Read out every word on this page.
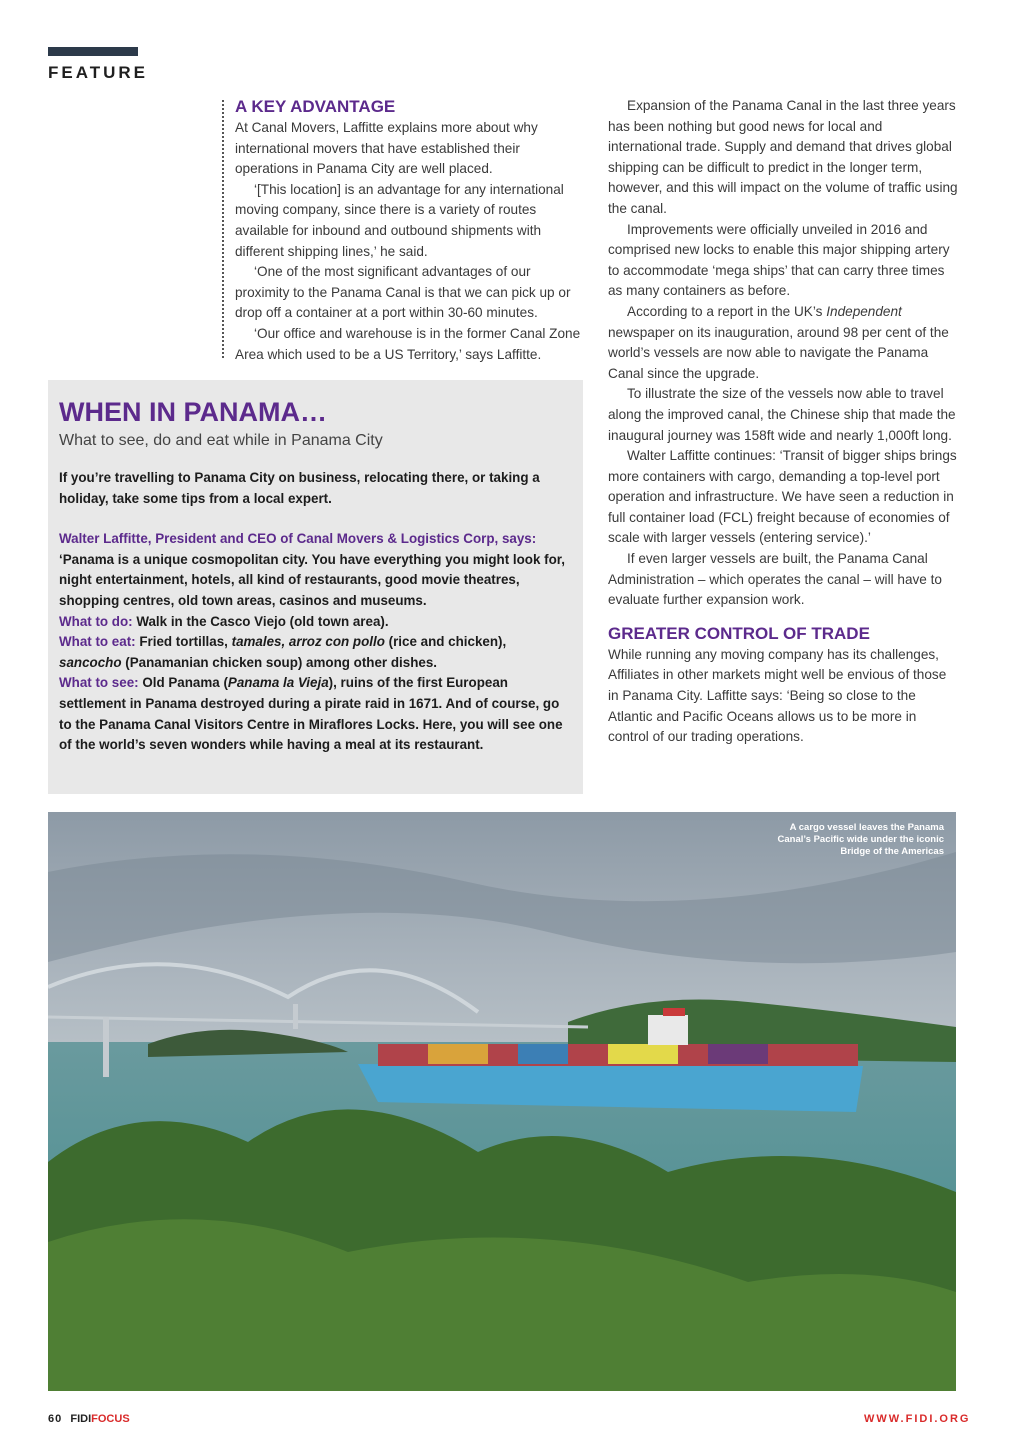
FEATURE
A KEY ADVANTAGE

At Canal Movers, Laffitte explains more about why international movers that have established their operations in Panama City are well placed.

‘[This location] is an advantage for any international moving company, since there is a variety of routes available for inbound and outbound shipments with different shipping lines,’ he said.

‘One of the most significant advantages of our proximity to the Panama Canal is that we can pick up or drop off a container at a port within 30-60 minutes.

‘Our office and warehouse is in the former Canal Zone Area which used to be a US Territory,’ says Laffitte.

Expansion of the Panama Canal in the last three years has been nothing but good news for local and international trade. Supply and demand that drives global shipping can be difficult to predict in the longer term, however, and this will impact on the volume of traffic using the canal.

Improvements were officially unveiled in 2016 and comprised new locks to enable this major shipping artery to accommodate ‘mega ships’ that can carry three times as many containers as before.

According to a report in the UK’s Independent newspaper on its inauguration, around 98 per cent of the world’s vessels are now able to navigate the Panama Canal since the upgrade.

To illustrate the size of the vessels now able to travel along the improved canal, the Chinese ship that made the inaugural journey was 158ft wide and nearly 1,000ft long.

Walter Laffitte continues: ‘Transit of bigger ships brings more containers with cargo, demanding a top-level port operation and infrastructure. We have seen a reduction in full container load (FCL) freight because of economies of scale with larger vessels (entering service).’

If even larger vessels are built, the Panama Canal Administration – which operates the canal – will have to evaluate further expansion work.

GREATER CONTROL OF TRADE

While running any moving company has its challenges, Affiliates in other markets might well be envious of those in Panama City. Laffitte says: ‘Being so close to the Atlantic and Pacific Oceans allows us to be more in control of our trading operations.

WHEN IN PANAMA…

What to see, do and eat while in Panama City

If you’re travelling to Panama City on business, relocating there, or taking a holiday, take some tips from a local expert.

Walter Laffitte, President and CEO of Canal Movers & Logistics Corp, says:

‘Panama is a unique cosmopolitan city. You have everything you might look for, night entertainment, hotels, all kind of restaurants, good movie theatres, shopping centres, old town areas, casinos and museums.

What to do: Walk in the Casco Viejo (old town area).

What to eat: Fried tortillas, tamales, arroz con pollo (rice and chicken), sancocho (Panamanian chicken soup) among other dishes.

What to see: Old Panama (Panama la Vieja), ruins of the first European settlement in Panama destroyed during a pirate raid in 1671. And of course, go to the Panama Canal Visitors Centre in Miraflores Locks. Here, you will see one of the world’s seven wonders while having a meal at its restaurant.

A cargo vessel leaves the Panama Canal’s Pacific wide under the iconic Bridge of the Americas
60 FIDIFOCUS	WWW.FIDI.ORG
